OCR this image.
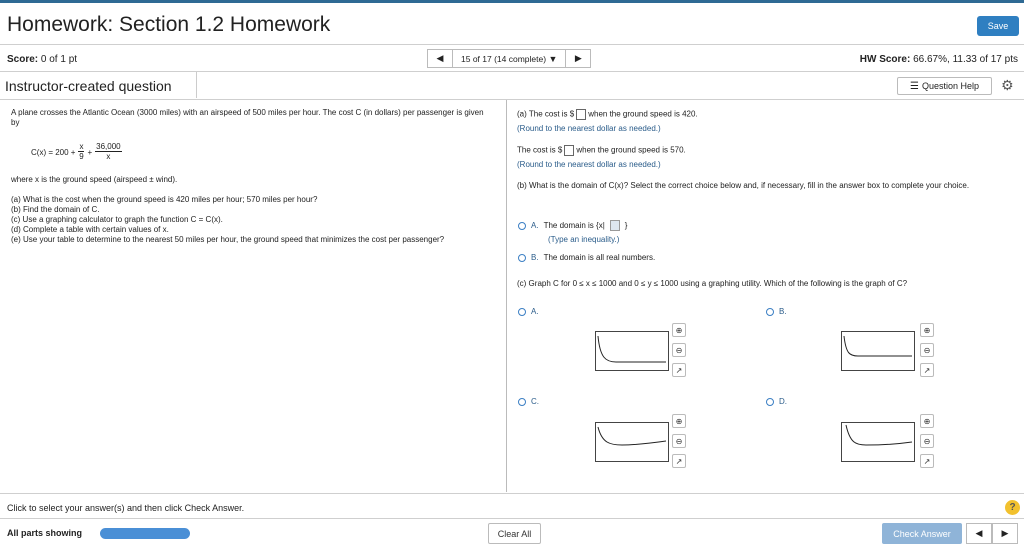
Homework: Section 1.2 Homework	Save
Score: 0 of 1 pt	◀ 15 of 17 (14 complete)
▼ ▶	HW Score: 66.67%, 11.33 of 17 pts
Instructor-created question	☰ Question Help ⚙
A plane crosses the Atlantic Ocean (3000 miles) with an airspeed of 500 miles per hour. The cost C (in dollars) per passenger is given by
$C(x) = 200 + \frac{x}{9} + \frac{36,000}{x}$
where x is the ground speed (airspeed ± wind).
(a) What is the cost when the ground speed is 420 miles per hour; 570 miles per hour?
(b) Find the domain of C.
(c) Use a graphing calculator to graph the function C = C(x).
(d) Complete a table with certain values of x.
(e) Use your table to determine to the nearest 50 miles per hour, the ground speed that minimizes the cost per passenger?
(a) The cost is $ when the ground speed is 420.
(Round to the nearest dollar as needed.)
The cost is $ when the ground speed is 570.
(Round to the nearest dollar as needed.)
(b) What is the domain of C(x)? Select the correct choice below and, if necessary, fill in the answer box to complete your choice.
A. The domain is {x|	}
(Type an inequality.)
B. The domain is all real numbers.
(c) Graph C for 0 ≤ x ≤ 1000 and 0 ≤ y ≤ 1000 using a graphing utility. Which of the following is the graph of C?
A.
⊕
⊖
↗
B.
⊕
⊖
↗
C.
⊕
⊖
↗
D.
⊕
⊖
↗
Click to select your answer(s) and then click Check Answer.	?
All parts showing	Clear All	Check Answer	◀ ▶
